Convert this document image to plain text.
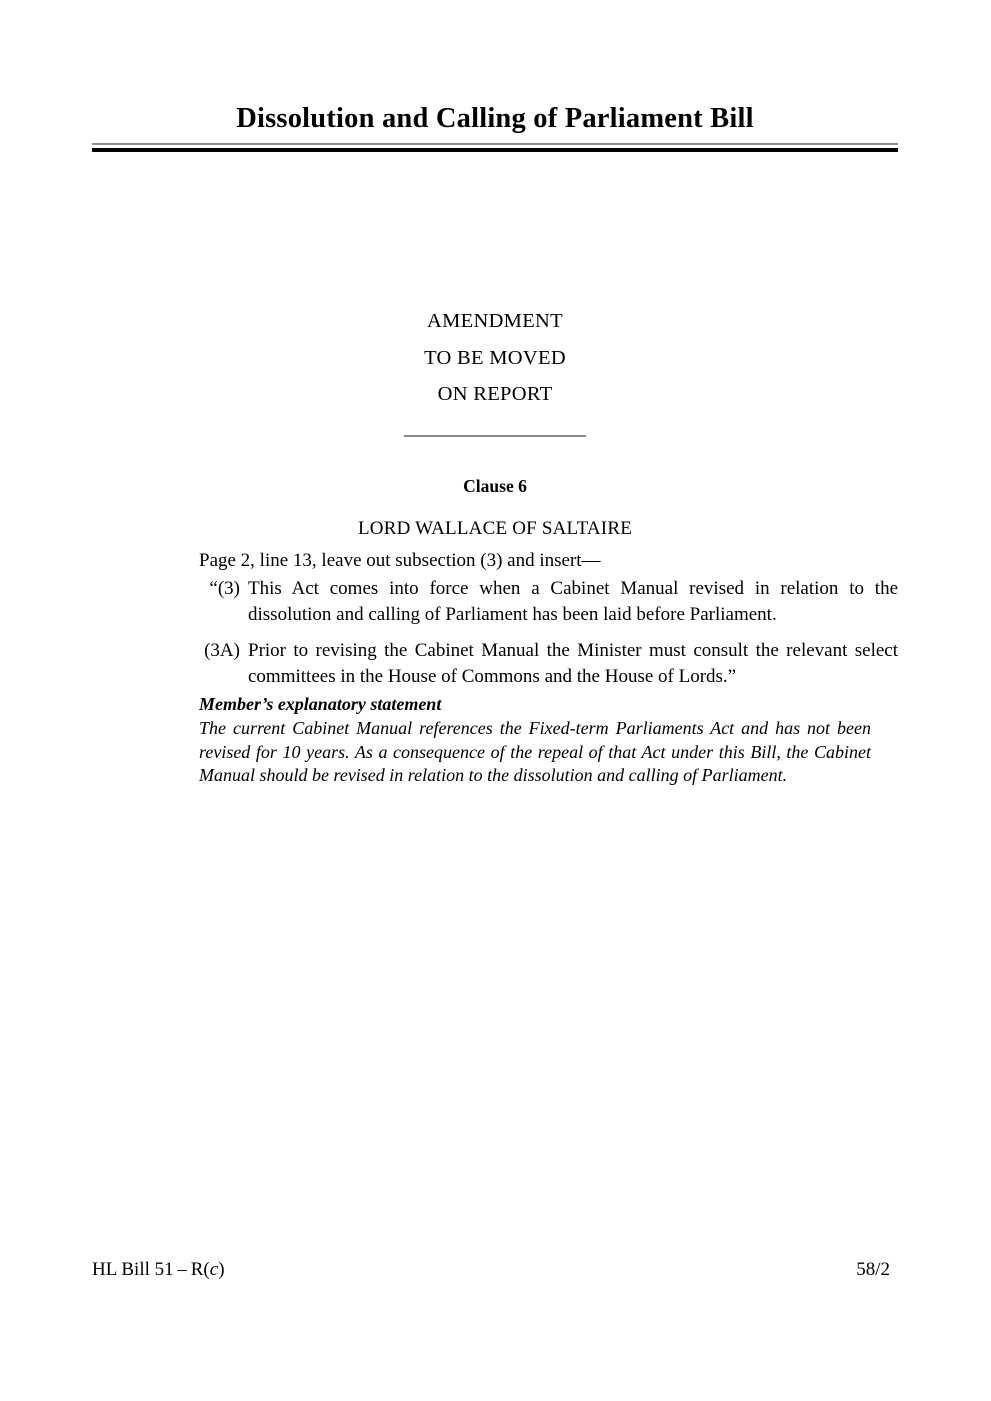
Dissolution and Calling of Parliament Bill
AMENDMENT
TO BE MOVED
ON REPORT
Clause 6
LORD WALLACE OF SALTAIRE
Page 2, line 13, leave out subsection (3) and insert—
“(3) This Act comes into force when a Cabinet Manual revised in relation to the dissolution and calling of Parliament has been laid before Parliament.
(3A) Prior to revising the Cabinet Manual the Minister must consult the relevant select committees in the House of Commons and the House of Lords.”
Member’s explanatory statement
The current Cabinet Manual references the Fixed-term Parliaments Act and has not been revised for 10 years. As a consequence of the repeal of that Act under this Bill, the Cabinet Manual should be revised in relation to the dissolution and calling of Parliament.
HL Bill 51 – R(c)	58/2
